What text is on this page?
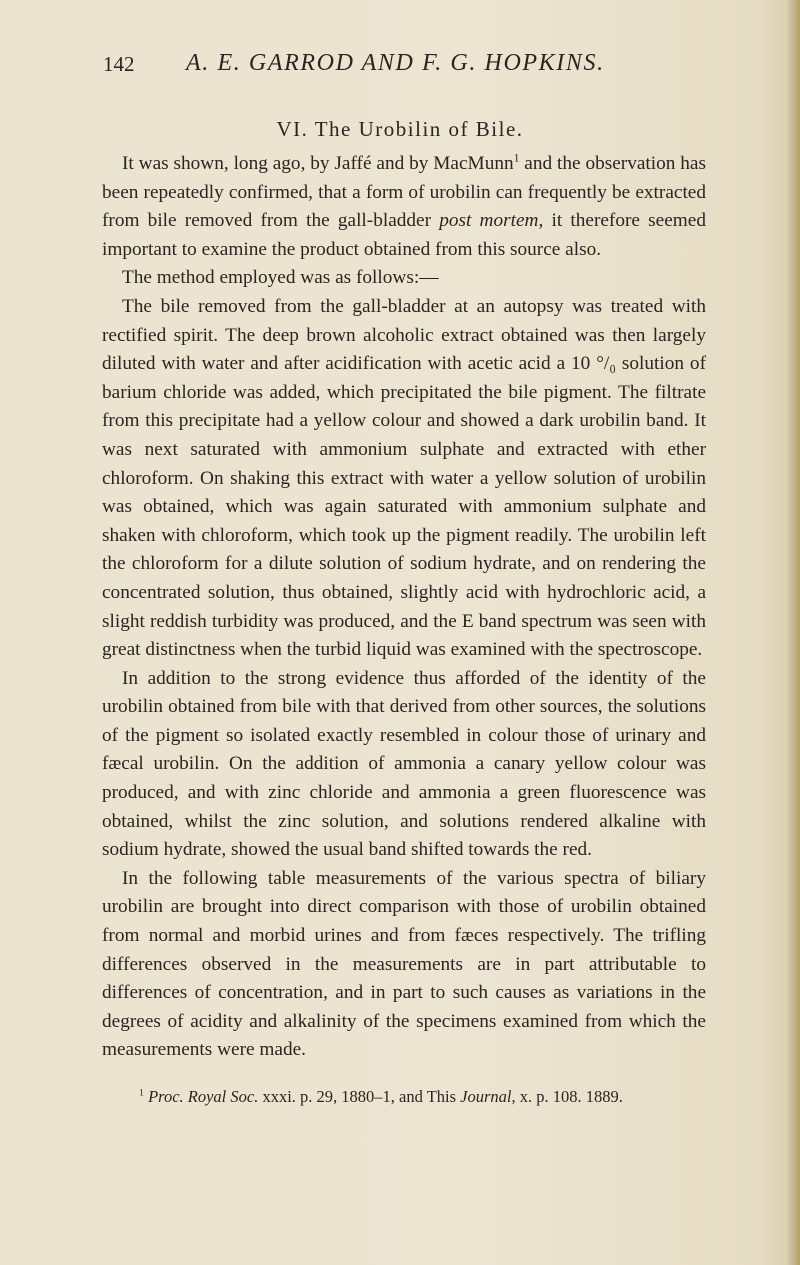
142 A. E. GARROD AND F. G. HOPKINS.
VI. The Urobilin of Bile.

It was shown, long ago, by Jaffé and by MacMunn$^1$ and the observation has been repeatedly confirmed, that a form of urobilin can frequently be extracted from bile removed from the gall-bladder post mortem, it therefore seemed important to examine the product obtained from this source also.

The method employed was as follows:—

The bile removed from the gall-bladder at an autopsy was treated with rectified spirit. The deep brown alcoholic extract obtained was then largely diluted with water and after acidification with acetic acid a 10 °/₀ solution of barium chloride was added, which precipitated the bile pigment. The filtrate from this precipitate had a yellow colour and showed a dark urobilin band. It was next saturated with ammonium sulphate and extracted with ether chloroform. On shaking this extract with water a yellow solution of urobilin was obtained, which was again saturated with ammonium sulphate and shaken with chloroform, which took up the pigment readily. The urobilin left the chloroform for a dilute solution of sodium hydrate, and on rendering the concentrated solution, thus obtained, slightly acid with hydrochloric acid, a slight reddish turbidity was produced, and the E band spectrum was seen with great distinctness when the turbid liquid was examined with the spectroscope.

In addition to the strong evidence thus afforded of the identity of the urobilin obtained from bile with that derived from other sources, the solutions of the pigment so isolated exactly resembled in colour those of urinary and fæcal urobilin. On the addition of ammonia a canary yellow colour was produced, and with zinc chloride and ammonia a green fluorescence was obtained, whilst the zinc solution, and solutions rendered alkaline with sodium hydrate, showed the usual band shifted towards the red.

In the following table measurements of the various spectra of biliary urobilin are brought into direct comparison with those of urobilin obtained from normal and morbid urines and from fæces respectively. The trifling differences observed in the measurements are in part attributable to differences of concentration, and in part to such causes as variations in the degrees of acidity and alkalinity of the specimens examined from which the measurements were made.

$^1$ Proc. Royal Soc. xxxi. p. 29, 1880–1, and This Journal, x. p. 108. 1889.
